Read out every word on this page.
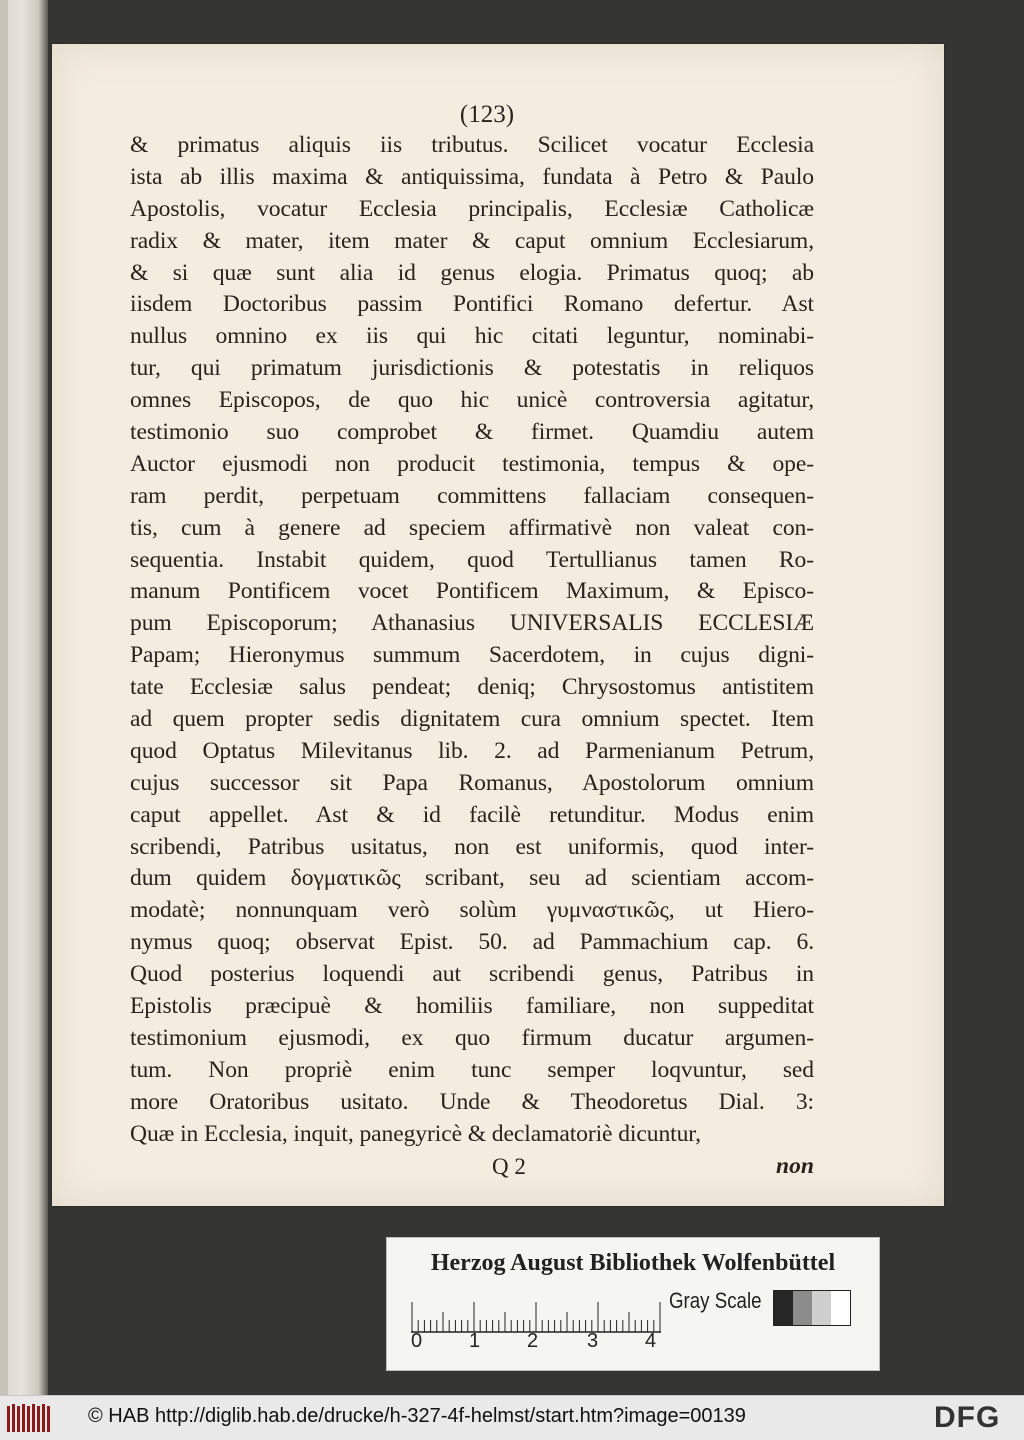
(123)
& primatus aliquis iis tributus. Scilicet vocatur Ecclesia
ista ab illis maxima & antiquissima, fundata à Petro & Paulo
Apostolis, vocatur Ecclesia principalis, Ecclesiæ Catholicæ
radix & mater, item mater & caput omnium Ecclesiarum,
& si quæ sunt alia id genus elogia. Primatus quoq; ab
iisdem Doctoribus passim Pontifici Romano defertur. Ast
nullus omnino ex iis qui hic citati leguntur, nominabi-
tur, qui primatum jurisdictionis & potestatis in reliquos
omnes Episcopos, de quo hic unicè controversia agitatur,
testimonio suo comprobet & firmet. Quamdiu autem
Auctor ejusmodi non producit testimonia, tempus & ope-
ram perdit, perpetuam committens fallaciam consequen-
tis, cum à genere ad speciem affirmativè non valeat con-
sequentia. Instabit quidem, quod Tertullianus tamen Ro-
manum Pontificem vocet Pontificem Maximum, & Episco-
pum Episcoporum; Athanasius UNIVERSALIS ECCLESIÆ
Papam; Hieronymus summum Sacerdotem, in cujus digni-
tate Ecclesiæ salus pendeat; deniq; Chrysostomus antistitem
ad quem propter sedis dignitatem cura omnium spectet. Item
quod Optatus Milevitanus lib. 2. ad Parmenianum Petrum,
cujus successor sit Papa Romanus, Apostolorum omnium
caput appellet. Ast & id facilè retunditur. Modus enim
scribendi, Patribus usitatus, non est uniformis, quod inter-
dum quidem δογματικῶς scribant, seu ad scientiam accom-
modatè; nonnunquam verò solùm γυμναστικῶς, ut Hiero-
nymus quoq; observat Epist. 50. ad Pammachium cap. 6.
Quod posterius loquendi aut scribendi genus, Patribus in
Epistolis præcipuè & homiliis familiare, non suppeditat
testimonium ejusmodi, ex quo firmum ducatur argumen-
tum. Non propriè enim tunc semper loqvuntur, sed
more Oratoribus usitato. Unde & Theodoretus Dial. 3:
Quæ in Ecclesia, inquit, panegyricè & declamatoriè dicuntur,
Q 2	non
Herzog August Bibliothek Wolfenbüttel
0 1 2 3 4
Gray Scale
© HAB http://diglib.hab.de/drucke/h-327-4f-helmst/start.htm?image=00139	DFG
